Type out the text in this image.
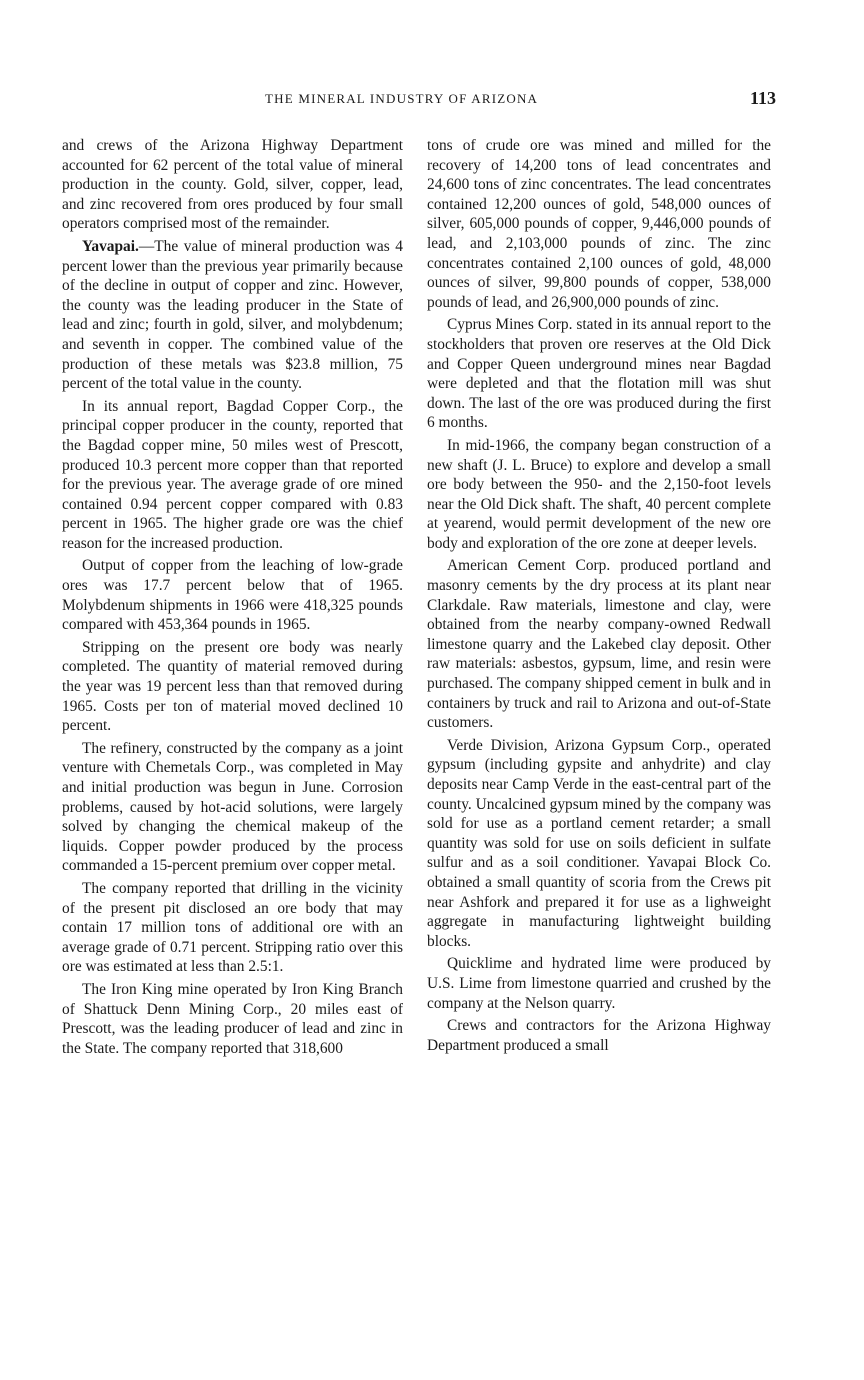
THE MINERAL INDUSTRY OF ARIZONA	113

and crews of the Arizona Highway Department accounted for 62 percent of the total value of mineral production in the county. Gold, silver, copper, lead, and zinc recovered from ores produced by four small operators comprised most of the remainder.

Yavapai.—The value of mineral production was 4 percent lower than the previous year primarily because of the decline in output of copper and zinc. However, the county was the leading producer in the State of lead and zinc; fourth in gold, silver, and molybdenum; and seventh in copper. The combined value of the production of these metals was $23.8 million, 75 percent of the total value in the county.

In its annual report, Bagdad Copper Corp., the principal copper producer in the county, reported that the Bagdad copper mine, 50 miles west of Prescott, produced 10.3 percent more copper than that reported for the previous year. The average grade of ore mined contained 0.94 percent copper compared with 0.83 percent in 1965. The higher grade ore was the chief reason for the increased production.

Output of copper from the leaching of low-grade ores was 17.7 percent below that of 1965. Molybdenum shipments in 1966 were 418,325 pounds compared with 453,364 pounds in 1965.

Stripping on the present ore body was nearly completed. The quantity of material removed during the year was 19 percent less than that removed during 1965. Costs per ton of material moved declined 10 percent.

The refinery, constructed by the company as a joint venture with Chemetals Corp., was completed in May and initial production was begun in June. Corrosion problems, caused by hot-acid solutions, were largely solved by changing the chemical makeup of the liquids. Copper powder produced by the process commanded a 15-percent premium over copper metal.

The company reported that drilling in the vicinity of the present pit disclosed an ore body that may contain 17 million tons of additional ore with an average grade of 0.71 percent. Stripping ratio over this ore was estimated at less than 2.5:1.

The Iron King mine operated by Iron King Branch of Shattuck Denn Mining Corp., 20 miles east of Prescott, was the leading producer of lead and zinc in the State. The company reported that 318,600

tons of crude ore was mined and milled for the recovery of 14,200 tons of lead concentrates and 24,600 tons of zinc concentrates. The lead concentrates contained 12,200 ounces of gold, 548,000 ounces of silver, 605,000 pounds of copper, 9,446,000 pounds of lead, and 2,103,000 pounds of zinc. The zinc concentrates contained 2,100 ounces of gold, 48,000 ounces of silver, 99,800 pounds of copper, 538,000 pounds of lead, and 26,900,000 pounds of zinc.

Cyprus Mines Corp. stated in its annual report to the stockholders that proven ore reserves at the Old Dick and Copper Queen underground mines near Bagdad were depleted and that the flotation mill was shut down. The last of the ore was produced during the first 6 months.

In mid-1966, the company began construction of a new shaft (J. L. Bruce) to explore and develop a small ore body between the 950- and the 2,150-foot levels near the Old Dick shaft. The shaft, 40 percent complete at yearend, would permit development of the new ore body and exploration of the ore zone at deeper levels.

American Cement Corp. produced portland and masonry cements by the dry process at its plant near Clarkdale. Raw materials, limestone and clay, were obtained from the nearby company-owned Redwall limestone quarry and the Lakebed clay deposit. Other raw materials: asbestos, gypsum, lime, and resin were purchased. The company shipped cement in bulk and in containers by truck and rail to Arizona and out-of-State customers.

Verde Division, Arizona Gypsum Corp., operated gypsum (including gypsite and anhydrite) and clay deposits near Camp Verde in the east-central part of the county. Uncalcined gypsum mined by the company was sold for use as a portland cement retarder; a small quantity was sold for use on soils deficient in sulfate sulfur and as a soil conditioner. Yavapai Block Co. obtained a small quantity of scoria from the Crews pit near Ashfork and prepared it for use as a lighweight aggregate in manufacturing lightweight building blocks.

Quicklime and hydrated lime were produced by U.S. Lime from limestone quarried and crushed by the company at the Nelson quarry.

Crews and contractors for the Arizona Highway Department produced a small
